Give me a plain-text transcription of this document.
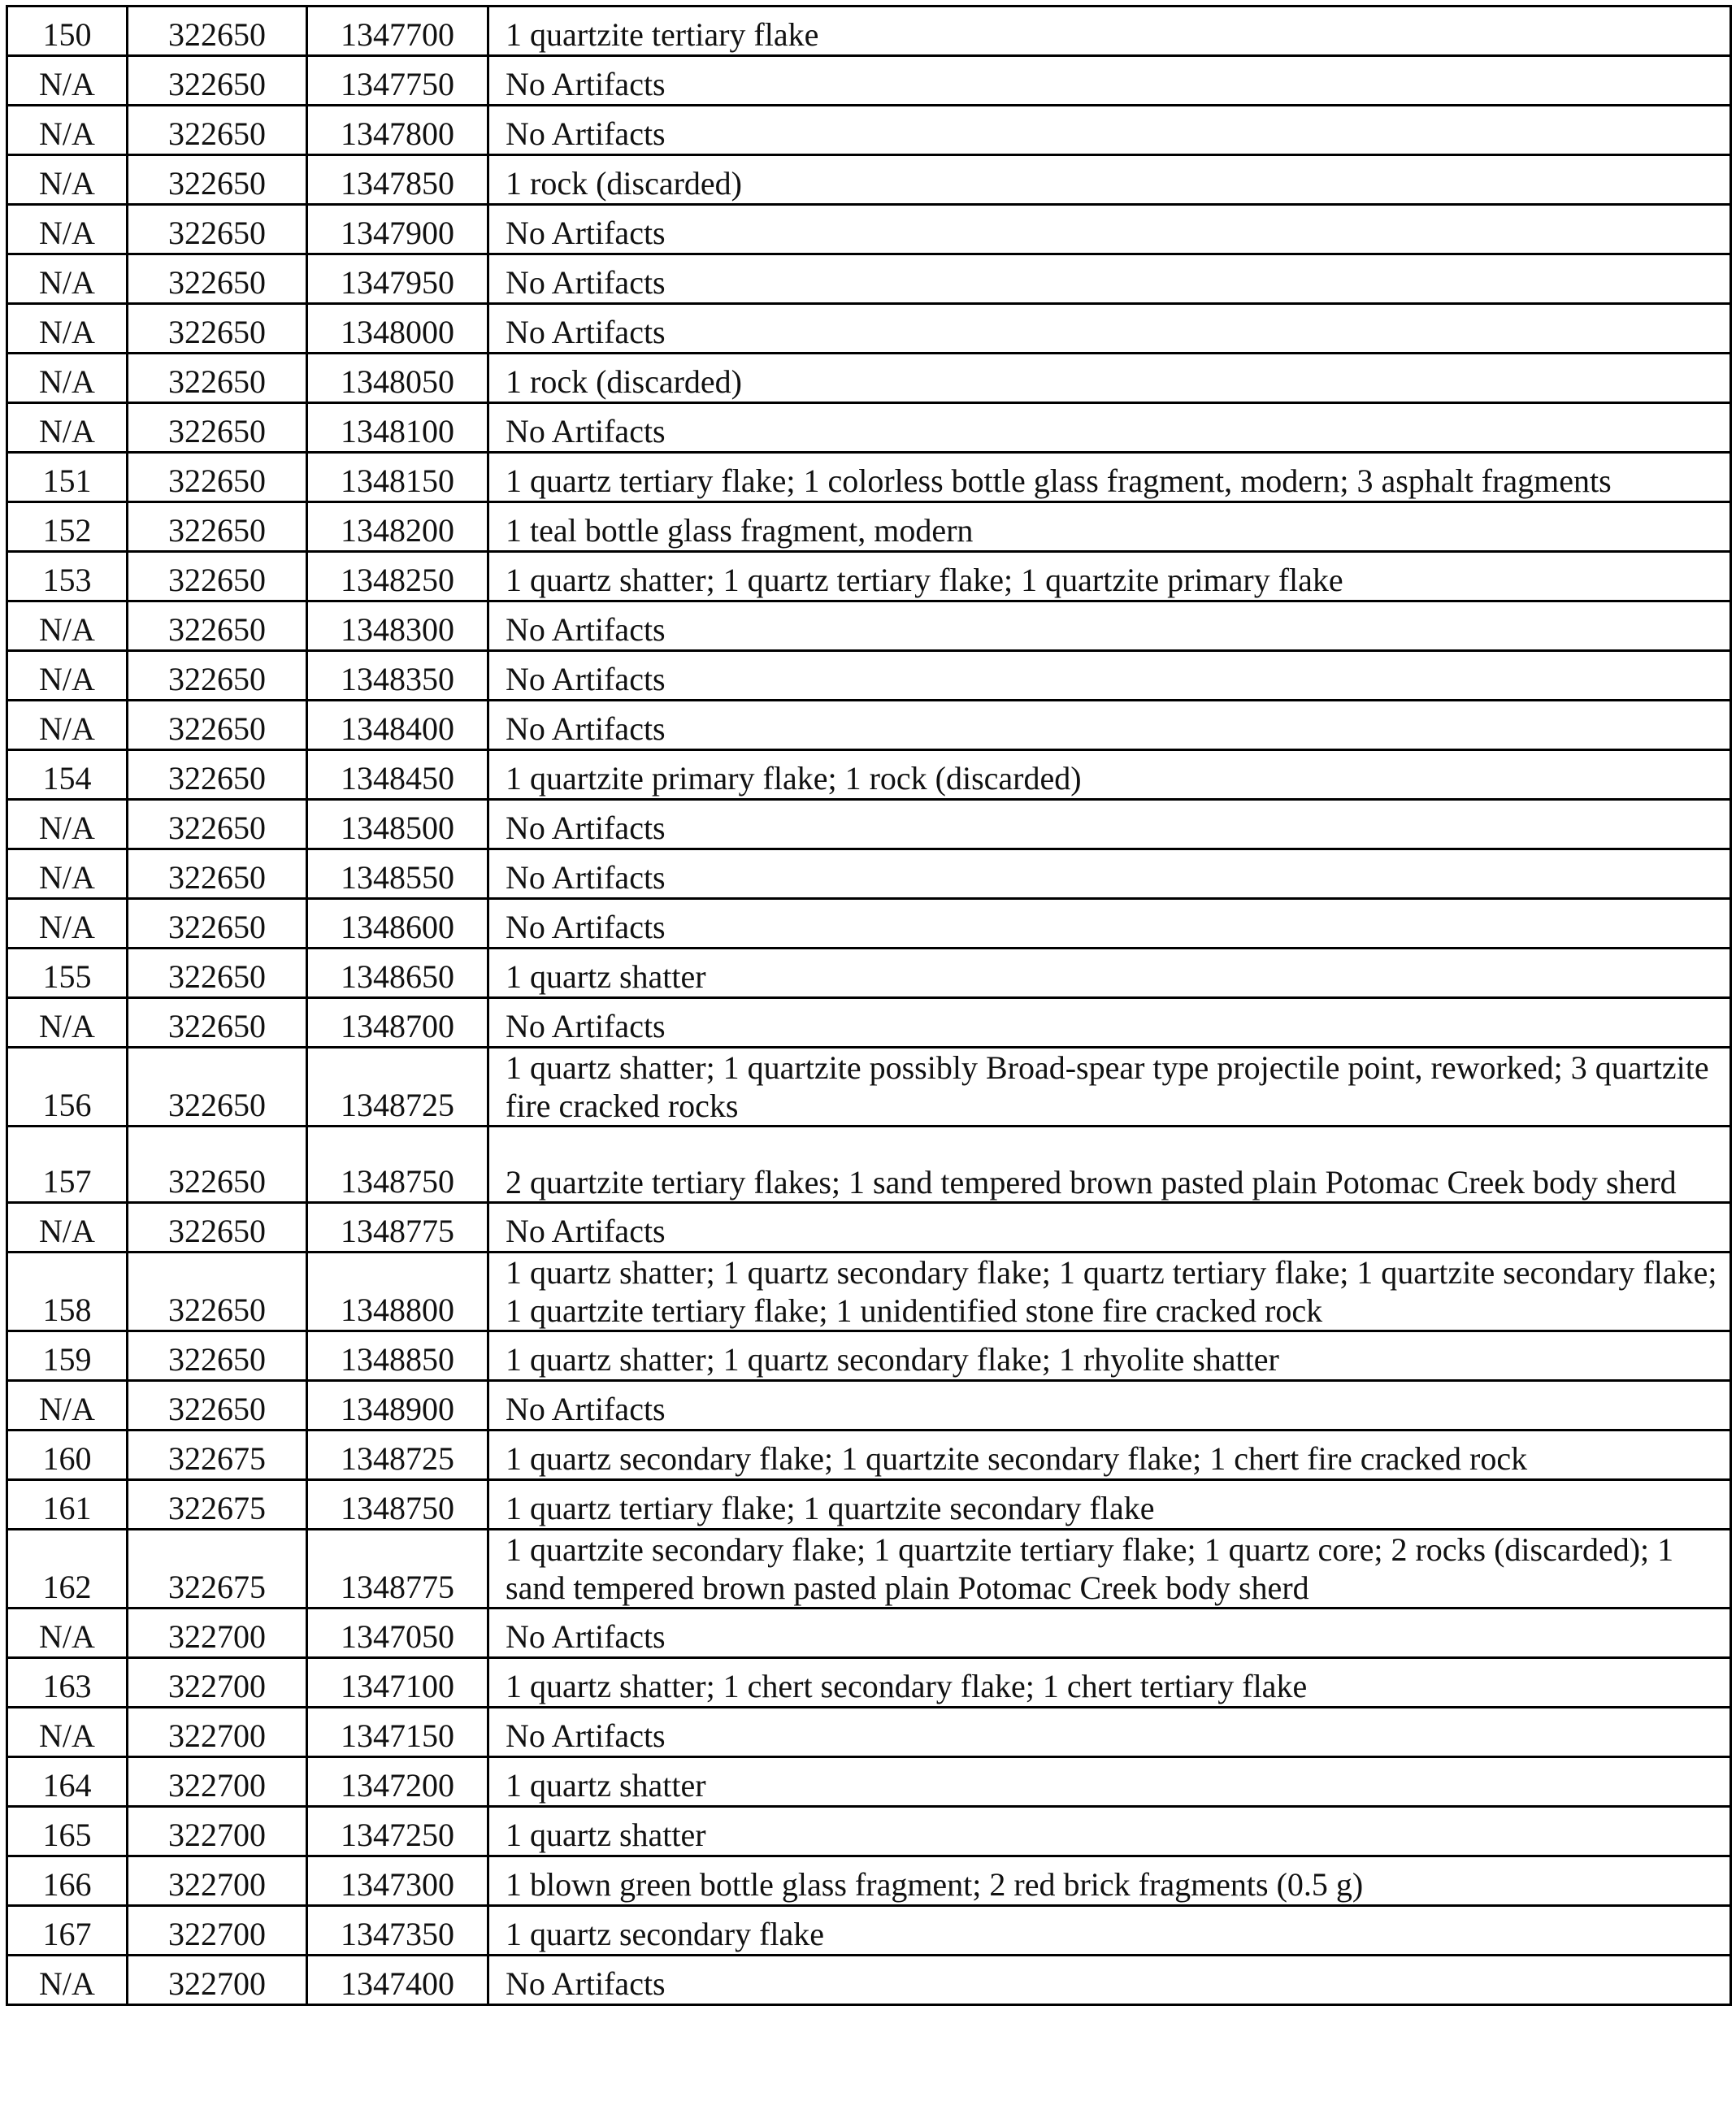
150	322650	1347700	1 quartzite tertiary flake
N/A	322650	1347750	No Artifacts
N/A	322650	1347800	No Artifacts
N/A	322650	1347850	1 rock (discarded)
N/A	322650	1347900	No Artifacts
N/A	322650	1347950	No Artifacts
N/A	322650	1348000	No Artifacts
N/A	322650	1348050	1 rock (discarded)
N/A	322650	1348100	No Artifacts
151	322650	1348150	1 quartz tertiary flake; 1 colorless bottle glass fragment, modern; 3 asphalt fragments
152	322650	1348200	1 teal bottle glass fragment, modern
153	322650	1348250	1 quartz shatter; 1 quartz tertiary flake; 1 quartzite primary flake
N/A	322650	1348300	No Artifacts
N/A	322650	1348350	No Artifacts
N/A	322650	1348400	No Artifacts
154	322650	1348450	1 quartzite primary flake; 1 rock (discarded)
N/A	322650	1348500	No Artifacts
N/A	322650	1348550	No Artifacts
N/A	322650	1348600	No Artifacts
155	322650	1348650	1 quartz shatter
N/A	322650	1348700	No Artifacts
156	322650	1348725	1 quartz shatter; 1 quartzite possibly Broad-spear type projectile point, reworked; 3 quartzite fire cracked rocks
157	322650	1348750	2 quartzite tertiary flakes; 1 sand tempered brown pasted plain Potomac Creek body sherd
N/A	322650	1348775	No Artifacts
158	322650	1348800	1 quartz shatter; 1 quartz secondary flake; 1 quartz tertiary flake; 1 quartzite secondary flake; 1 quartzite tertiary flake; 1 unidentified stone fire cracked rock
159	322650	1348850	1 quartz shatter; 1 quartz secondary flake; 1 rhyolite shatter
N/A	322650	1348900	No Artifacts
160	322675	1348725	1 quartz secondary flake; 1 quartzite secondary flake; 1 chert fire cracked rock
161	322675	1348750	1 quartz tertiary flake; 1 quartzite secondary flake
162	322675	1348775	1 quartzite secondary flake; 1 quartzite tertiary flake; 1 quartz core; 2 rocks (discarded); 1 sand tempered brown pasted plain Potomac Creek body sherd
N/A	322700	1347050	No Artifacts
163	322700	1347100	1 quartz shatter; 1 chert secondary flake; 1 chert tertiary flake
N/A	322700	1347150	No Artifacts
164	322700	1347200	1 quartz shatter
165	322700	1347250	1 quartz shatter
166	322700	1347300	1 blown green bottle glass fragment; 2 red brick fragments (0.5 g)
167	322700	1347350	1 quartz secondary flake
N/A	322700	1347400	No Artifacts
